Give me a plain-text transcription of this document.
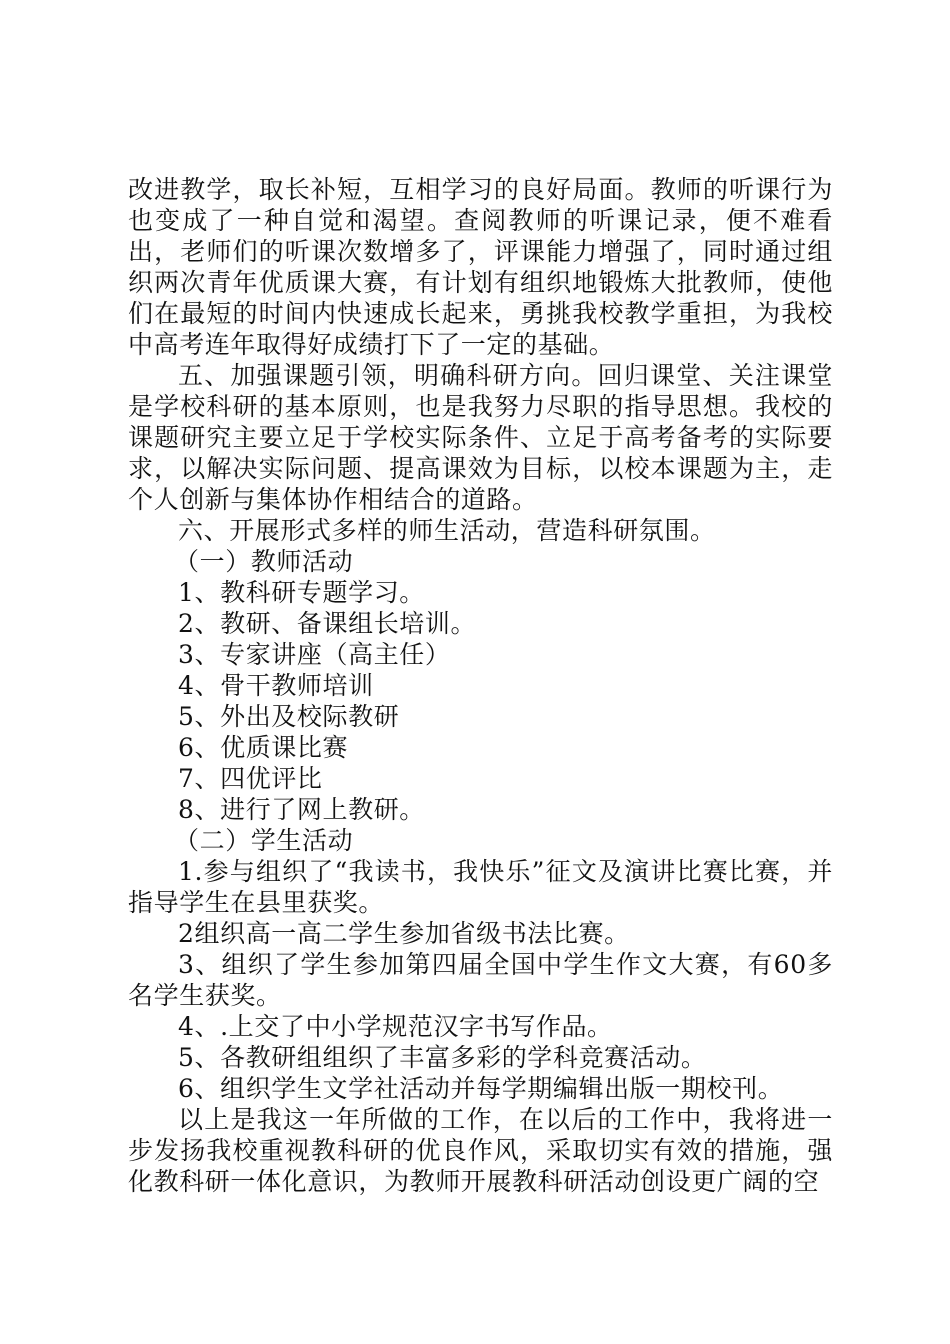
改进教学，取长补短，互相学习的良好局面。教师的听课行为也变成了一种自觉和渴望。查阅教师的听课记录，便不难看出，老师们的听课次数增多了，评课能力增强了，同时通过组织两次青年优质课大赛，有计划有组织地锻炼大批教师，使他们在最短的时间内快速成长起来，勇挑我校教学重担，为我校中高考连年取得好成绩打下了一定的基础。

五、加强课题引领，明确科研方向。回归课堂、关注课堂是学校科研的基本原则，也是我努力尽职的指导思想。我校的课题研究主要立足于学校实际条件、立足于高考备考的实际要求，以解决实际问题、提高课效为目标，以校本课题为主，走个人创新与集体协作相结合的道路。

六、开展形式多样的师生活动，营造科研氛围。

（一）教师活动

1、教科研专题学习。

2、教研、备课组长培训。

3、专家讲座（高主任）

4、骨干教师培训

5、外出及校际教研

6、优质课比赛

7、四优评比

8、进行了网上教研。

（二）学生活动

1.参与组织了“我读书，我快乐”征文及演讲比赛比赛，并指导学生在县里获奖。

2组织高一高二学生参加省级书法比赛。

3、组织了学生参加第四届全国中学生作文大赛，有60多名学生获奖。

4、.上交了中小学规范汉字书写作品。

5、各教研组组织了丰富多彩的学科竞赛活动。

6、组织学生文学社活动并每学期编辑出版一期校刊。

以上是我这一年所做的工作，在以后的工作中，我将进一步发扬我校重视教科研的优良作风，采取切实有效的措施，强化教科研一体化意识，为教师开展教科研活动创设更广阔的空
